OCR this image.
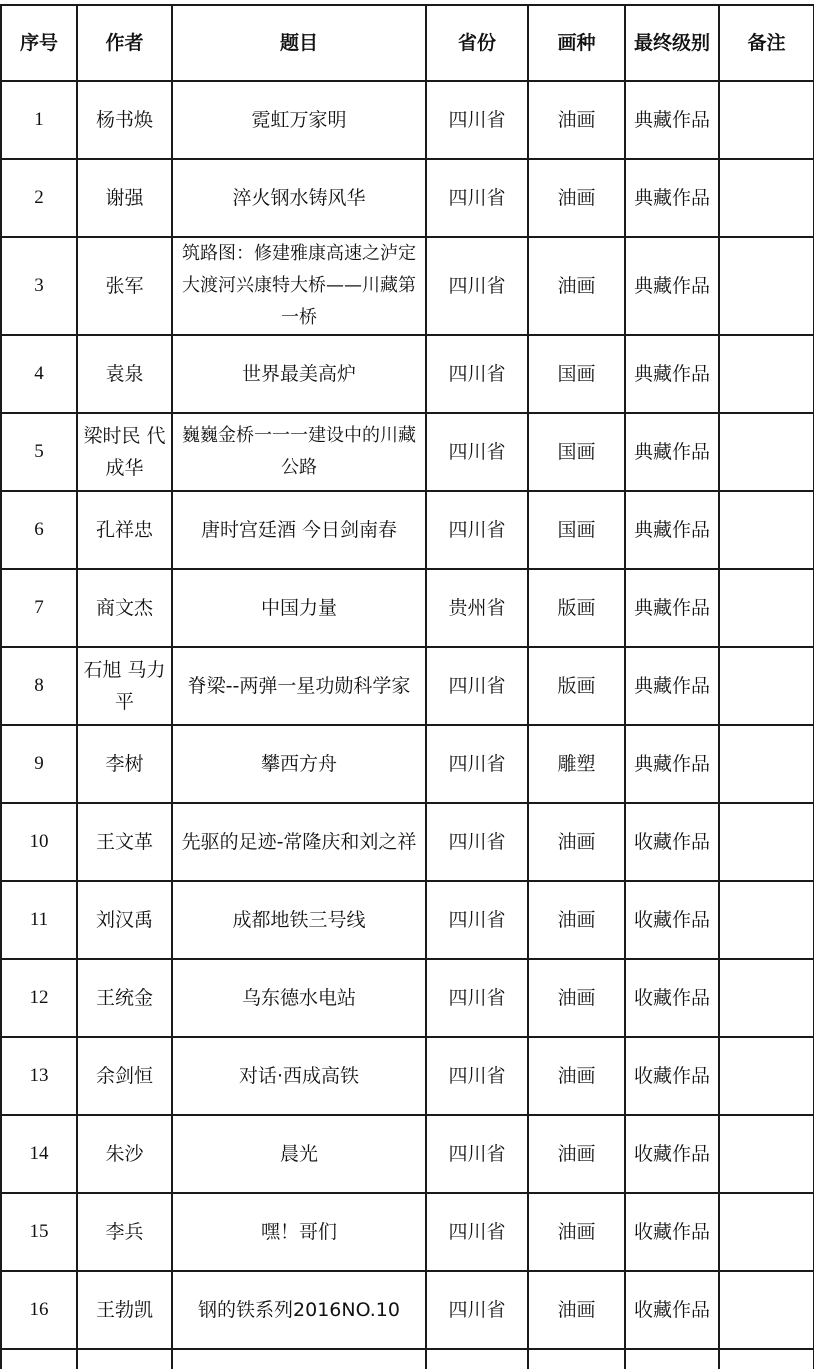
序号	作者	题目	省份	画种	最终级别	备注
1	杨书焕	霓虹万家明	四川省	油画	典藏作品	
2	谢强	淬火钢水铸风华	四川省	油画	典藏作品	
3	张军	筑路图：修建雅康高速之泸定大渡河兴康特大桥——川藏第一桥	四川省	油画	典藏作品	
4	袁泉	世界最美高炉	四川省	国画	典藏作品	
5	梁时民 代成华	巍巍金桥一一一建设中的川藏公路	四川省	国画	典藏作品	
6	孔祥忠	唐时宫廷酒 今日剑南春	四川省	国画	典藏作品	
7	商文杰	中国力量	贵州省	版画	典藏作品	
8	石旭 马力平	脊梁--两弹一星功勋科学家	四川省	版画	典藏作品	
9	李树	攀西方舟	四川省	雕塑	典藏作品	
10	王文革	先驱的足迹-常隆庆和刘之祥	四川省	油画	收藏作品	
11	刘汉禹	成都地铁三号线	四川省	油画	收藏作品	
12	王统金	乌东德水电站	四川省	油画	收藏作品	
13	余剑恒	对话·西成高铁	四川省	油画	收藏作品	
14	朱沙	晨光	四川省	油画	收藏作品	
15	李兵	嘿！哥们	四川省	油画	收藏作品	
16	王勃凯	钢的铁系列2016NO.10	四川省	油画	收藏作品	
